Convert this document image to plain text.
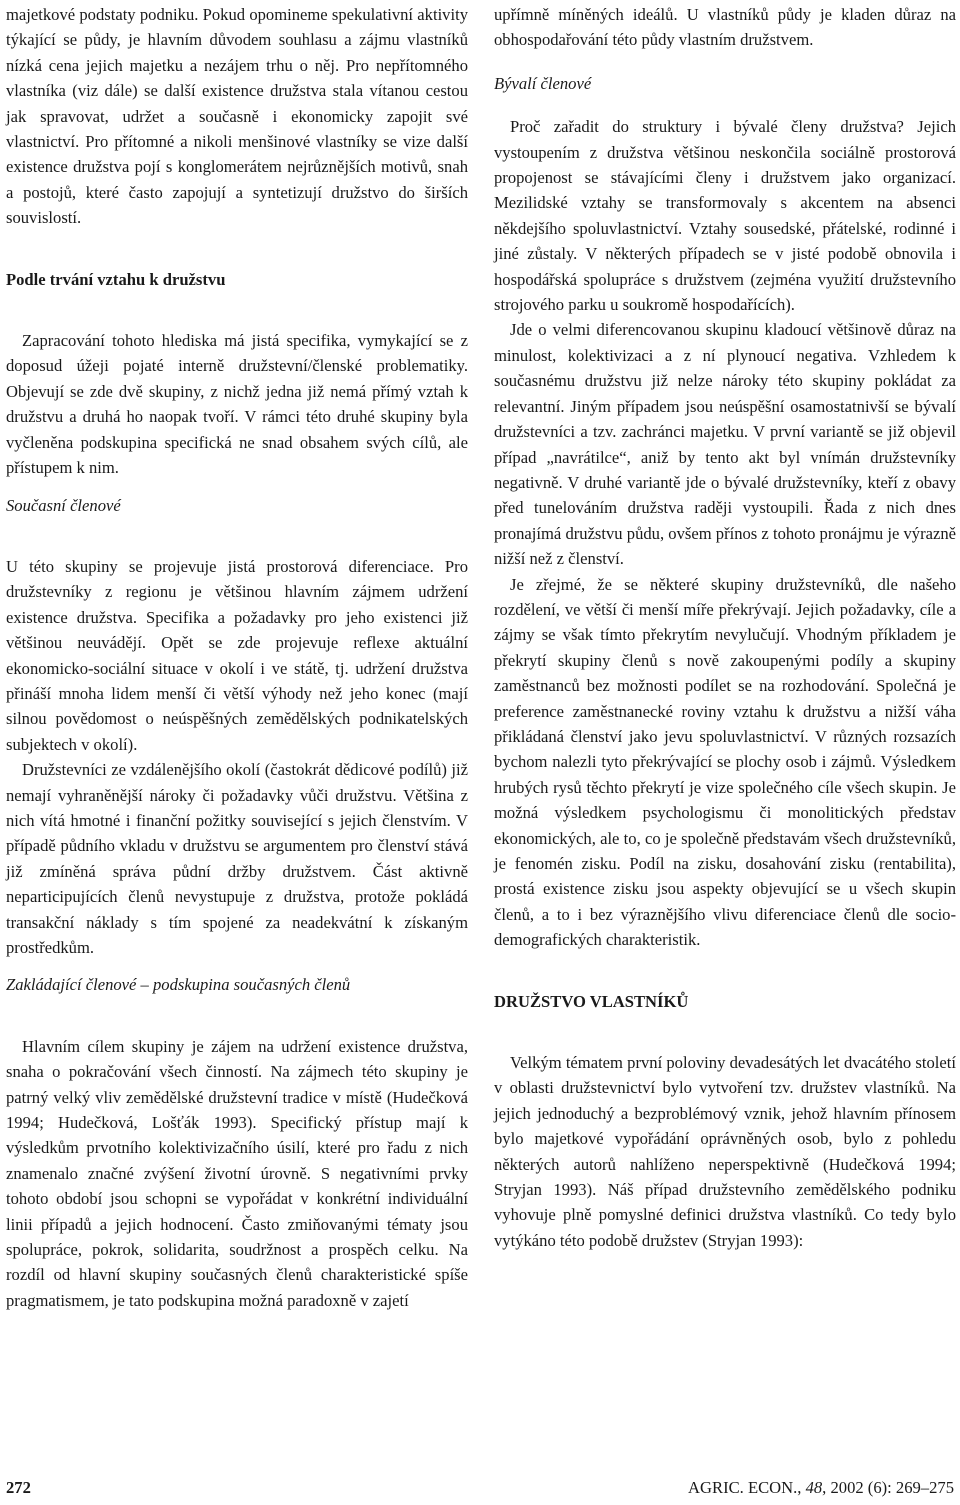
majetkové podstaty podniku. Pokud opomineme spekulativní aktivity týkající se půdy, je hlavním důvodem souhlasu a zájmu vlastníků nízká cena jejich majetku a nezájem trhu o něj. Pro nepřítomného vlastníka (viz dále) se další existence družstva stala vítanou cestou jak spravovat, udržet a současně i ekonomicky zapojit své vlastnictví. Pro přítomné a nikoli menšinové vlastníky se vize další existence družstva pojí s konglomerátem nejrůznějších motivů, snah a postojů, které často zapojují a syntetizují družstvo do širších souvislostí.

Podle trvání vztahu k družstvu

Zapracování tohoto hlediska má jistá specifika, vymykající se z doposud úžeji pojaté interně družstevní/členské problematiky. Objevují se zde dvě skupiny, z nichž jedna již nemá přímý vztah k družstvu a druhá ho naopak tvoří. V rámci této druhé skupiny byla vyčleněna podskupina specifická ne snad obsahem svých cílů, ale přístupem k nim.

Současní členové

U této skupiny se projevuje jistá prostorová diferenciace. Pro družstevníky z regionu je většinou hlavním zájmem udržení existence družstva. Specifika a požadavky pro jeho existenci již většinou neuvádějí. Opět se zde projevuje reflexe aktuální ekonomicko-sociální situace v okolí i ve státě, tj. udržení družstva přináší mnoha lidem menší či větší výhody než jeho konec (mají silnou povědomost o neúspěšných zemědělských podnikatelských subjektech v okolí).

Družstevníci ze vzdálenějšího okolí (častokrát dědicové podílů) již nemají vyhraněnější nároky či požadavky vůči družstvu. Většina z nich vítá hmotné i finanční požitky související s jejich členstvím. V případě půdního vkladu v družstvu se argumentem pro členství stává již zmíněná správa půdní držby družstvem. Část aktivně neparticipujících členů nevystupuje z družstva, protože pokládá transakční náklady s tím spojené za neadekvátní k získaným prostředkům.

Zakládající členové – podskupina současných členů

Hlavním cílem skupiny je zájem na udržení existence družstva, snaha o pokračování všech činností. Na zájmech této skupiny je patrný velký vliv zemědělské družstevní tradice v místě (Hudečková 1994; Hudečková, Lošťák 1993). Specifický přístup mají k výsledkům prvotního kolektivizačního úsilí, které pro řadu z nich znamenalo značné zvýšení životní úrovně. S negativními prvky tohoto období jsou schopni se vypořádat v konkrétní individuální linii případů a jejich hodnocení. Často zmiňovanými tématy jsou spolupráce, pokrok, solidarita, soudržnost a prospěch celku. Na rozdíl od hlavní skupiny současných členů charakteristické spíše pragmatismem, je tato podskupina možná paradoxně v zajetí

upřímně míněných ideálů. U vlastníků půdy je kladen důraz na obhospodařování této půdy vlastním družstvem.

Bývalí členové

Proč zařadit do struktury i bývalé členy družstva? Jejich vystoupením z družstva většinou neskončila sociálně prostorová propojenost se stávajícími členy i družstvem jako organizací. Mezilidské vztahy se transformovaly s akcentem na absenci někdejšího spoluvlastnictví. Vztahy sousedské, přátelské, rodinné i jiné zůstaly. V některých případech se v jisté podobě obnovila i hospodářská spolupráce s družstvem (zejména využití družstevního strojového parku u soukromě hospodařících).

Jde o velmi diferencovanou skupinu kladoucí většinově důraz na minulost, kolektivizaci a z ní plynoucí negativa. Vzhledem k současnému družstvu již nelze nároky této skupiny pokládat za relevantní. Jiným případem jsou neúspěšní osamostatnivší se bývalí družstevníci a tzv. zachránci majetku. V první variantě se již objevil případ „navrátilce“, aniž by tento akt byl vnímán družstevníky negativně. V druhé variantě jde o bývalé družstevníky, kteří z obavy před tunelováním družstva raději vystoupili. Řada z nich dnes pronajímá družstvu půdu, ovšem přínos z tohoto pronájmu je výrazně nižší než z členství.

Je zřejmé, že se některé skupiny družstevníků, dle našeho rozdělení, ve větší či menší míře překrývají. Jejich požadavky, cíle a zájmy se však tímto překrytím nevylučují. Vhodným příkladem je překrytí skupiny členů s nově zakoupenými podíly a skupiny zaměstnanců bez možnosti podílet se na rozhodování. Společná je preference zaměstnanecké roviny vztahu k družstvu a nižší váha přikládaná členství jako jevu spoluvlastnictví. V různých rozsazích bychom nalezli tyto překrývající se plochy osob i zájmů. Výsledkem hrubých rysů těchto překrytí je vize společného cíle všech skupin. Je možná výsledkem psychologismu či monolitických představ ekonomických, ale to, co je společně představám všech družstevníků, je fenomén zisku. Podíl na zisku, dosahování zisku (rentabilita), prostá existence zisku jsou aspekty objevující se u všech skupin členů, a to i bez výraznějšího vlivu diferenciace členů dle socio-demografických charakteristik.

DRUŽSTVO VLASTNÍKŮ

Velkým tématem první poloviny devadesátých let dvacátého století v oblasti družstevnictví bylo vytvoření tzv. družstev vlastníků. Na jejich jednoduchý a bezproblémový vznik, jehož hlavním přínosem bylo majetkové vypořádání oprávněných osob, bylo z pohledu některých autorů nahlíženo neperspektivně (Hudečková 1994; Stryjan 1993). Náš případ družstevního zemědělského podniku vyhovuje plně pomyslné definici družstva vlastníků. Co tedy bylo vytýkáno této podobě družstev (Stryjan 1993):

272	AGRIC. ECON., 48, 2002 (6): 269–275
